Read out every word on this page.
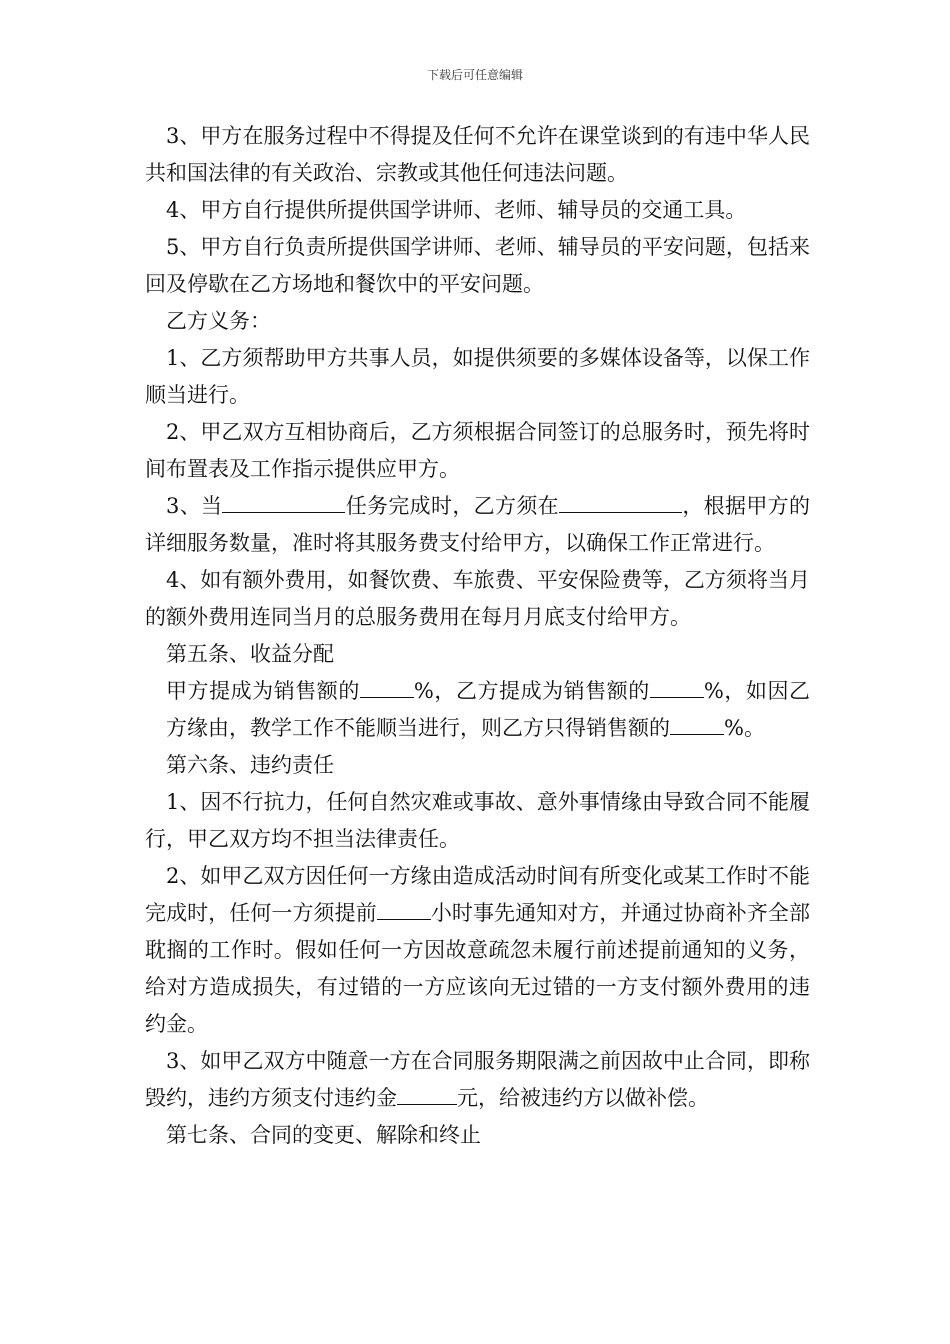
下载后可任意编辑

3、甲方在服务过程中不得提及任何不允许在课堂谈到的有违中华人民共和国法律的有关政治、宗教或其他任何违法问题。

4、甲方自行提供所提供国学讲师、老师、辅导员的交通工具。

5、甲方自行负责所提供国学讲师、老师、辅导员的平安问题，包括来回及停歇在乙方场地和餐饮中的平安问题。

乙方义务：

1、乙方须帮助甲方共事人员，如提供须要的多媒体设备等，以保工作顺当进行。

2、甲乙双方互相协商后，乙方须根据合同签订的总服务时，预先将时间布置表及工作指示提供应甲方。

3、当	任务完成时，乙方须在	，根据甲方的详细服务数量，准时将其服务费支付给甲方，以确保工作正常进行。

4、如有额外费用，如餐饮费、车旅费、平安保险费等，乙方须将当月的额外费用连同当月的总服务费用在每月月底支付给甲方。

第五条、收益分配

甲方提成为销售额的	%，乙方提成为销售额的	%，如因乙方缘由，教学工作不能顺当进行，则乙方只得销售额的	%。

第六条、违约责任

1、因不行抗力，任何自然灾难或事故、意外事情缘由导致合同不能履行，甲乙双方均不担当法律责任。

2、如甲乙双方因任何一方缘由造成活动时间有所变化或某工作时不能完成时，任何一方须提前	小时事先通知对方，并通过协商补齐全部耽搁的工作时。假如任何一方因故意疏忽未履行前述提前通知的义务，给对方造成损失，有过错的一方应该向无过错的一方支付额外费用的违约金。

3、如甲乙双方中随意一方在合同服务期限满之前因故中止合同，即称毁约，违约方须支付违约金	元，给被违约方以做补偿。

第七条、合同的变更、解除和终止
